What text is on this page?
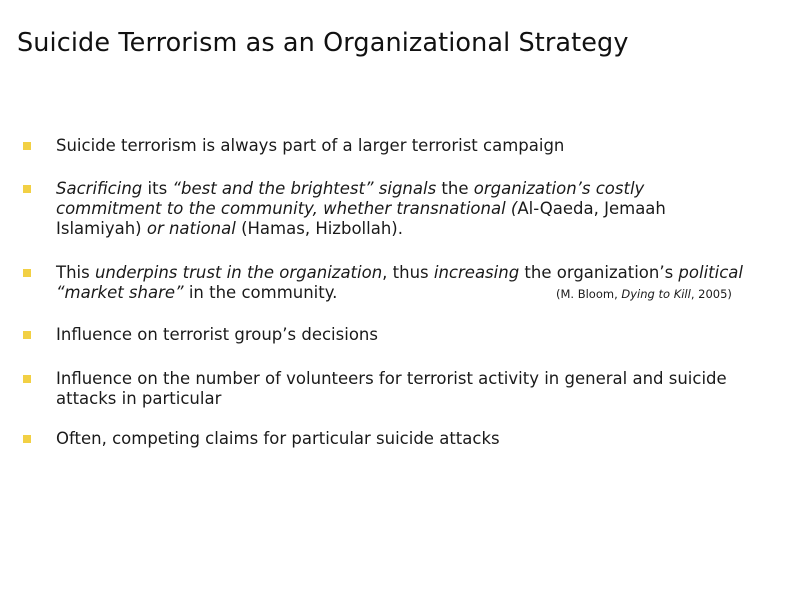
Suicide Terrorism as an Organizational Strategy
Suicide terrorism is always part of a larger terrorist campaign
Sacrificing its “best and the brightest” signals the organization’s costly commitment to the community, whether transnational (Al-Qaeda, Jemaah Islamiyah) or national (Hamas, Hizbollah).
This underpins trust in the organization, thus increasing the organization’s political “market share” in the community.
Influence on terrorist group’s decisions
Influence on the number of volunteers for terrorist activity in general and suicide attacks in particular
Often, competing claims for particular suicide attacks
(M. Bloom, Dying to Kill, 2005)
